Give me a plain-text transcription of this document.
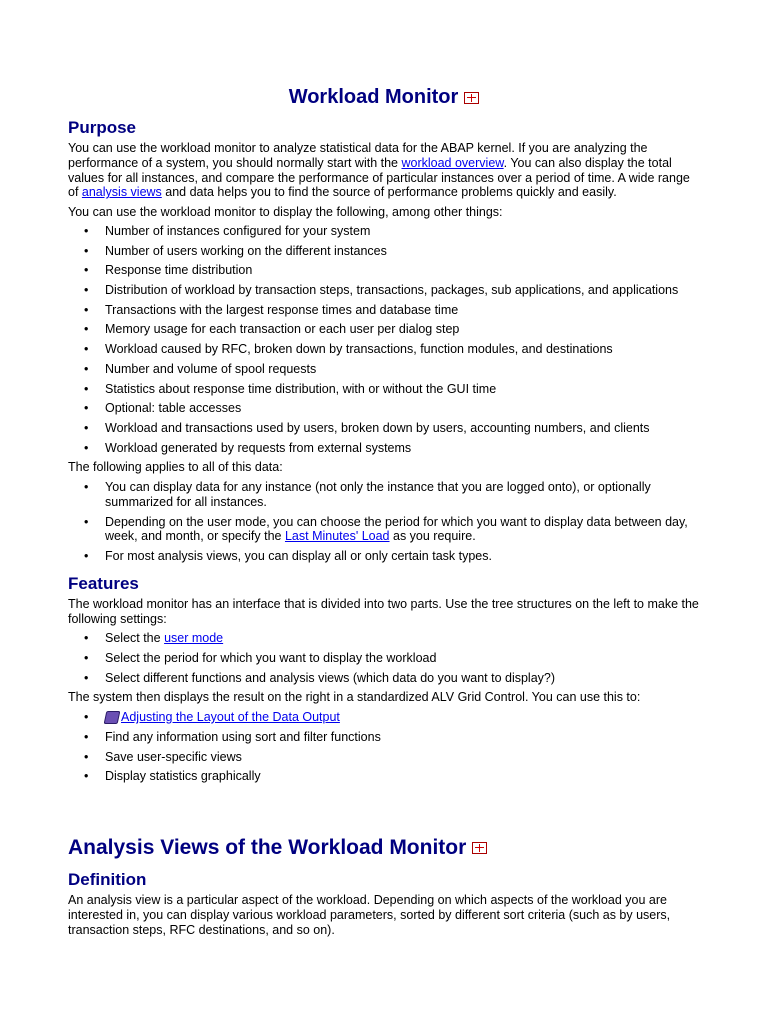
Workload Monitor
Purpose

You can use the workload monitor to analyze statistical data for the ABAP kernel. If you are analyzing the performance of a system, you should normally start with the workload overview. You can also display the total values for all instances, and compare the performance of particular instances over a period of time. A wide range of analysis views and data helps you to find the source of performance problems quickly and easily.

You can use the workload monitor to display the following, among other things:

• Number of instances configured for your system
• Number of users working on the different instances
• Response time distribution
• Distribution of workload by transaction steps, transactions, packages, sub applications, and applications
• Transactions with the largest response times and database time
• Memory usage for each transaction or each user per dialog step
• Workload caused by RFC, broken down by transactions, function modules, and destinations
• Number and volume of spool requests
• Statistics about response time distribution, with or without the GUI time
• Optional: table accesses
• Workload and transactions used by users, broken down by users, accounting numbers, and clients
• Workload generated by requests from external systems

The following applies to all of this data:

• You can display data for any instance (not only the instance that you are logged onto), or optionally summarized for all instances.
• Depending on the user mode, you can choose the period for which you want to display data between day, week, and month, or specify the Last Minutes' Load as you require.
• For most analysis views, you can display all or only certain task types.
Features

The workload monitor has an interface that is divided into two parts. Use the tree structures on the left to make the following settings:

• Select the user mode
• Select the period for which you want to display the workload
• Select different functions and analysis views (which data do you want to display?)

The system then displays the result on the right in a standardized ALV Grid Control. You can use this to:

•	Adjusting the Layout of the Data Output
• Find any information using sort and filter functions
• Save user-specific views
• Display statistics graphically
Analysis Views of the Workload Monitor
Definition

An analysis view is a particular aspect of the workload. Depending on which aspects of the workload you are interested in, you can display various workload parameters, sorted by different sort criteria (such as by users, transaction steps, RFC destinations, and so on).
